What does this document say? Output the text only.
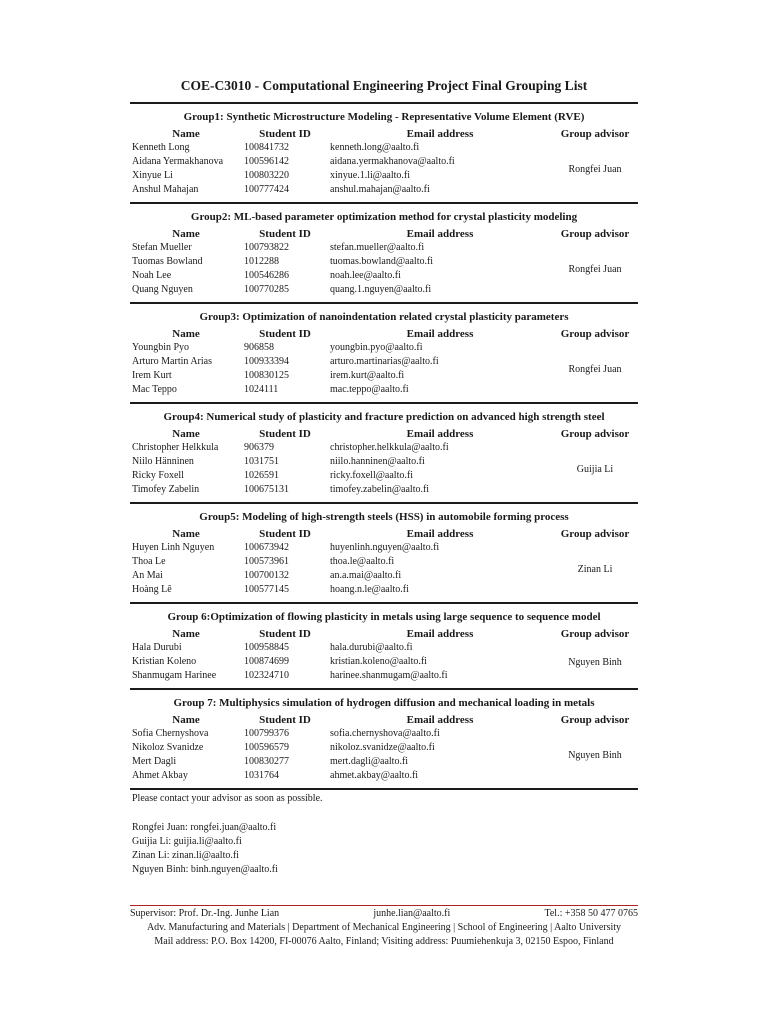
COE-C3010 - Computational Engineering Project Final Grouping List
Group1: Synthetic Microstructure Modeling - Representative Volume Element (RVE)
Name	Student ID	Email address	Group advisor
Kenneth Long	100841732	kenneth.long@aalto.fi
Aidana Yermakhanova	100596142	aidana.yermakhanova@aalto.fi
Xinyue Li	100803220	xinyue.1.li@aalto.fi
Anshul Mahajan	100777424	anshul.mahajan@aalto.fi
Rongfei Juan
Group2: ML-based parameter optimization method for crystal plasticity modeling
Name	Student ID	Email address	Group advisor
Stefan Mueller	100793822	stefan.mueller@aalto.fi
Tuomas Bowland	1012288	tuomas.bowland@aalto.fi
Noah Lee	100546286	noah.lee@aalto.fi
Quang Nguyen	100770285	quang.1.nguyen@aalto.fi
Rongfei Juan
Group3: Optimization of nanoindentation related crystal plasticity parameters
Name	Student ID	Email address	Group advisor
Youngbin Pyo	906858	youngbin.pyo@aalto.fi
Arturo Martin Arias	100933394	arturo.martinarias@aalto.fi
Irem Kurt	100830125	irem.kurt@aalto.fi
Mac Teppo	1024111	mac.teppo@aalto.fi
Rongfei Juan
Group4: Numerical study of plasticity and fracture prediction on advanced high strength steel
Name	Student ID	Email address	Group advisor
Christopher Helkkula	906379	christopher.helkkula@aalto.fi
Niilo Hänninen	1031751	niilo.hanninen@aalto.fi
Ricky Foxell	1026591	ricky.foxell@aalto.fi
Timofey Zabelin	100675131	timofey.zabelin@aalto.fi
Guijia Li
Group5: Modeling of high-strength steels (HSS) in automobile forming process
Name	Student ID	Email address	Group advisor
Huyen Linh Nguyen	100673942	huyenlinh.nguyen@aalto.fi
Thoa Le	100573961	thoa.le@aalto.fi
An Mai	100700132	an.a.mai@aalto.fi
Hoàng Lê	100577145	hoang.n.le@aalto.fi
Zinan Li
Group 6:Optimization of flowing plasticity in metals using large sequence to sequence model
Name	Student ID	Email address	Group advisor
Hala Durubi	100958845	hala.durubi@aalto.fi
Kristian Koleno	100874699	kristian.koleno@aalto.fi
Shanmugam Harinee	102324710	harinee.shanmugam@aalto.fi
Nguyen Binh
Group 7: Multiphysics simulation of hydrogen diffusion and mechanical loading in metals
Name	Student ID	Email address	Group advisor
Sofia Chernyshova	100799376	sofia.chernyshova@aalto.fi
Nikoloz Svanidze	100596579	nikoloz.svanidze@aalto.fi
Mert Dagli	100830277	mert.dagli@aalto.fi
Ahmet Akbay	1031764	ahmet.akbay@aalto.fi
Nguyen Binh
Please contact your advisor as soon as possible.
Rongfei Juan: rongfei.juan@aalto.fi
Guijia Li: guijia.li@aalto.fi
Zinan Li: zinan.li@aalto.fi
Nguyen Binh: binh.nguyen@aalto.fi
Supervisor: Prof. Dr.-Ing. Junhe Lian	junhe.lian@aalto.fi	Tel.: +358 50 477 0765
Adv. Manufacturing and Materials | Department of Mechanical Engineering | School of Engineering | Aalto University
Mail address: P.O. Box 14200, FI-00076 Aalto, Finland; Visiting address: Puumiehenkuja 3, 02150 Espoo, Finland
